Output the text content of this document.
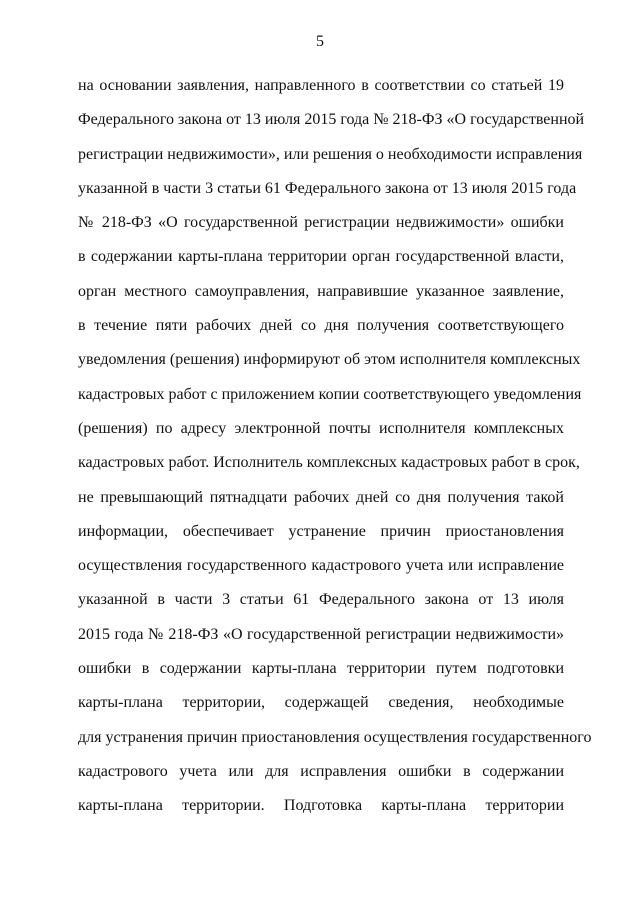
5
на основании заявления, направленного в соответствии со статьей 19
Федерального закона от 13 июля 2015 года № 218-ФЗ «О государственной
регистрации недвижимости», или решения о необходимости исправления
указанной в части 3 статьи 61 Федерального закона от 13 июля 2015 года
№ 218-ФЗ «О государственной регистрации недвижимости» ошибки
в содержании карты-плана территории орган государственной власти,
орган местного самоуправления, направившие указанное заявление,
в течение пяти рабочих дней со дня получения соответствующего
уведомления (решения) информируют об этом исполнителя комплексных
кадастровых работ с приложением копии соответствующего уведомления
(решения) по адресу электронной почты исполнителя комплексных
кадастровых работ. Исполнитель комплексных кадастровых работ в срок,
не превышающий пятнадцати рабочих дней со дня получения такой
информации, обеспечивает устранение причин приостановления
осуществления государственного кадастрового учета или исправление
указанной в части 3 статьи 61 Федерального закона от 13 июля
2015 года № 218-ФЗ «О государственной регистрации недвижимости»
ошибки в содержании карты-плана территории путем подготовки
карты-плана территории, содержащей сведения, необходимые
для устранения причин приостановления осуществления государственного
кадастрового учета или для исправления ошибки в содержании
карты-плана территории. Подготовка карты-плана территории
